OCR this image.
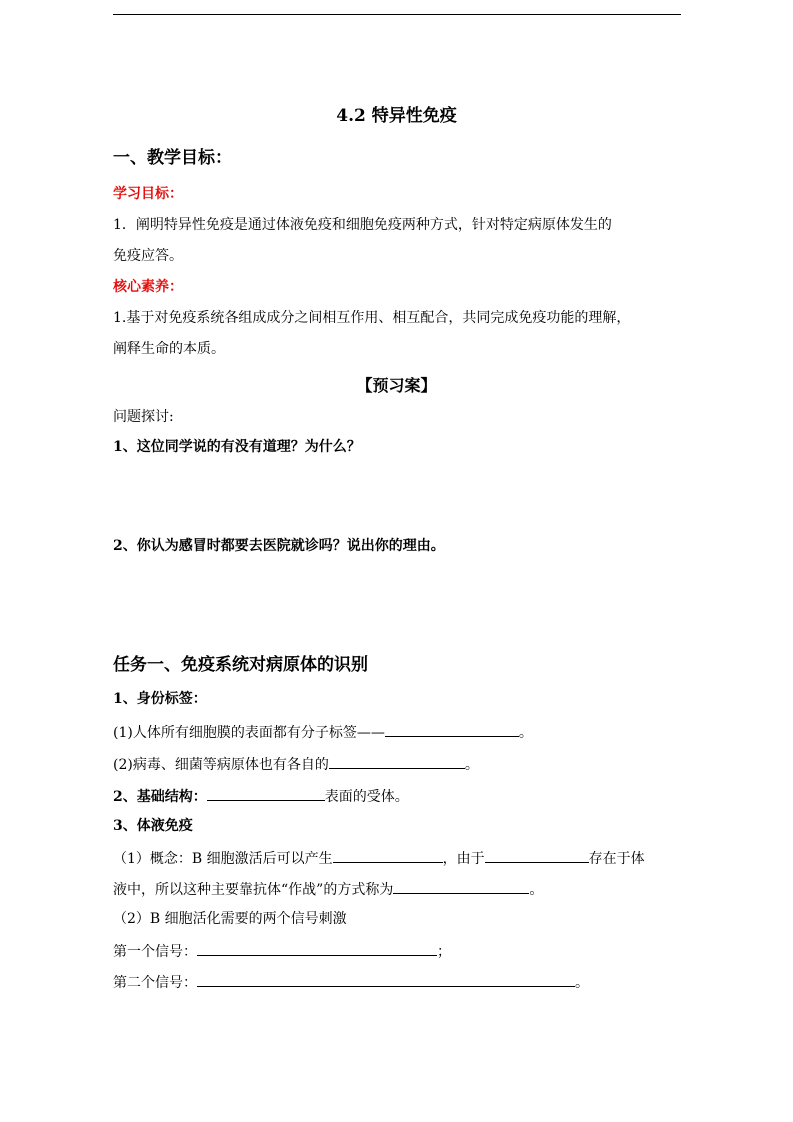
4.2 特异性免疫
一、教学目标：
学习目标：
1．阐明特异性免疫是通过体液免疫和细胞免疫两种方式，针对特定病原体发生的
免疫应答。
核心素养：
1.基于对免疫系统各组成成分之间相互作用、相互配合，共同完成免疫功能的理解，
阐释生命的本质。
【预习案】
问题探讨:
1、这位同学说的有没有道理？为什么？
2、你认为感冒时都要去医院就诊吗？说出你的理由。
任务一、免疫系统对病原体的识别
1、身份标签：
(1)人体所有细胞膜的表面都有分子标签——	。
(2)病毒、细菌等病原体也有各自的	。
2、基础结构：	表面的受体。
3、体液免疫
（1）概念：B 细胞激活后可以产生	，由于	存在于体
液中，所以这种主要靠抗体“作战”的方式称为	。
（2）B 细胞活化需要的两个信号刺激
第一个信号：	；
第二个信号：	。
